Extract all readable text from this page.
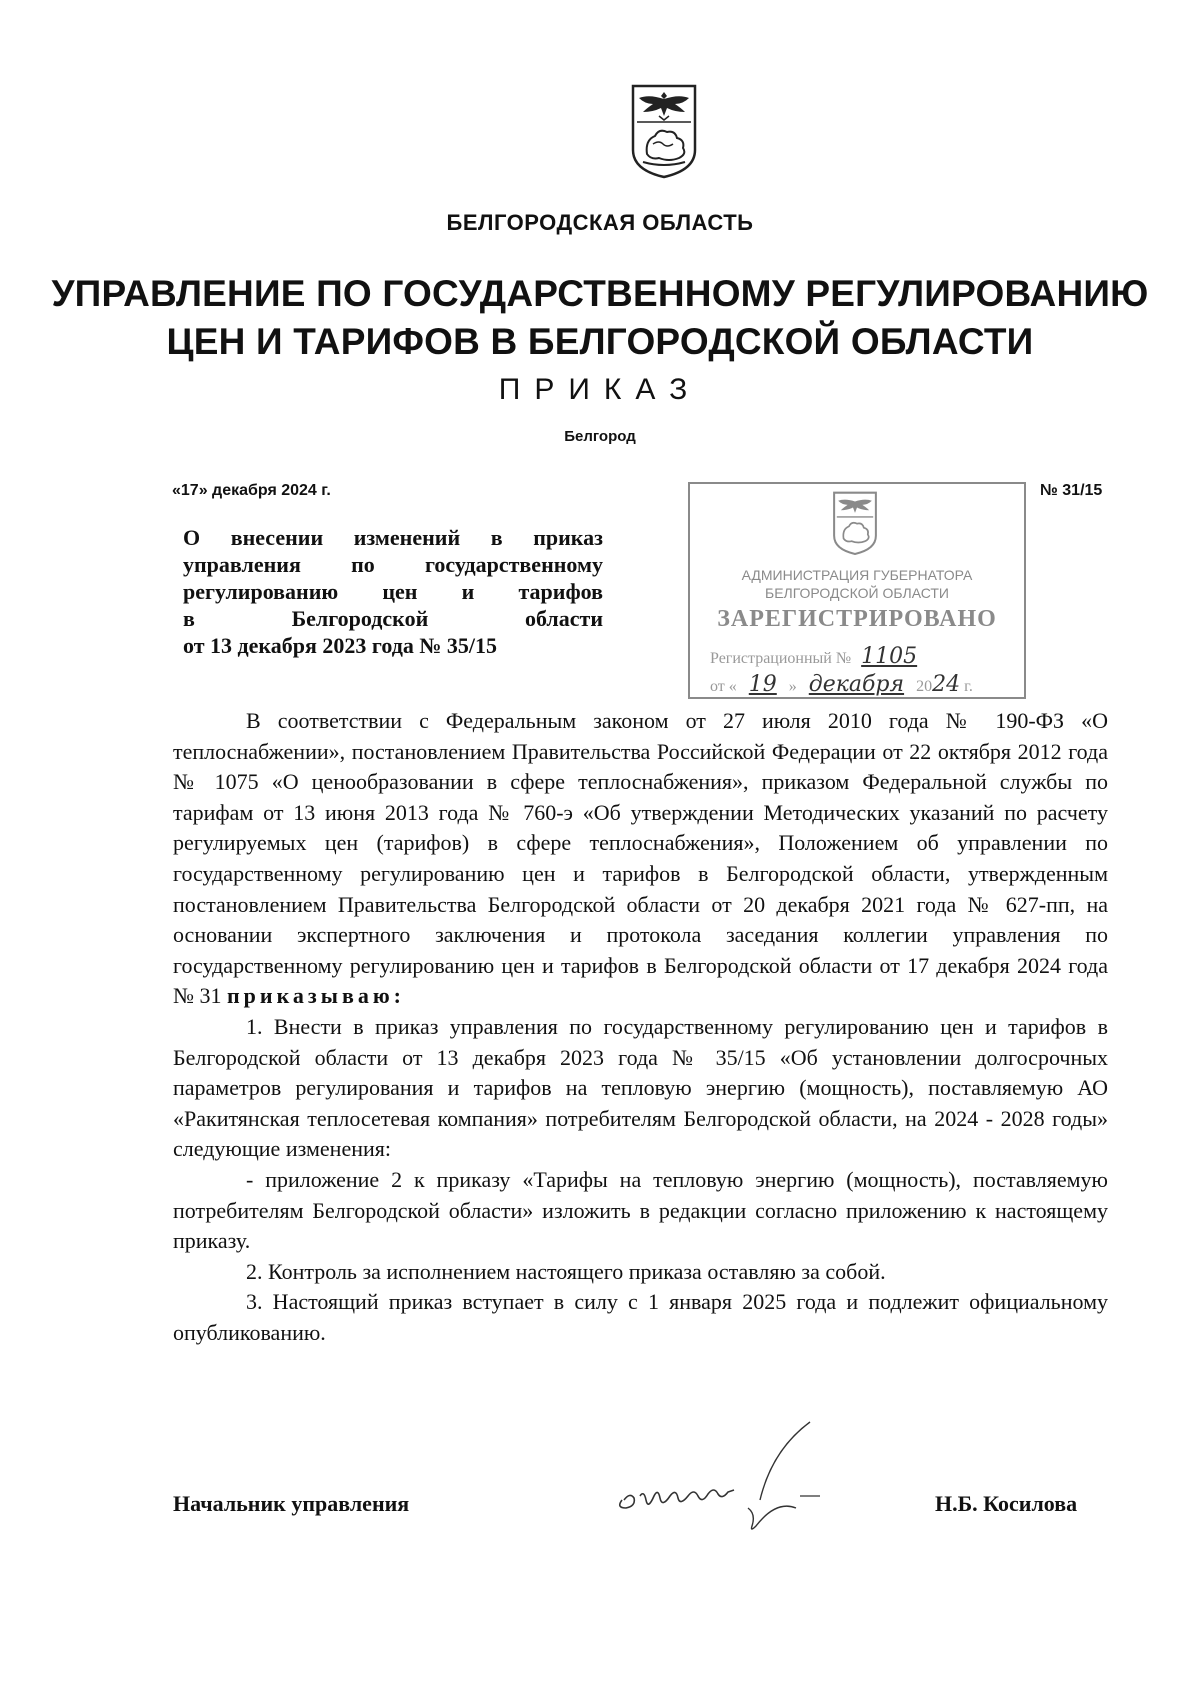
БЕЛГОРОДСКАЯ ОБЛАСТЬ
УПРАВЛЕНИЕ ПО ГОСУДАРСТВЕННОМУ РЕГУЛИРОВАНИЮ
ЦЕН И ТАРИФОВ В БЕЛГОРОДСКОЙ ОБЛАСТИ
ПРИКАЗ
Белгород
«17» декабря 2024 г.	№ 31/15
О внесении изменений в приказ
управления по государственному
регулированию цен и тарифов
в Белгородской области
от 13 декабря 2023 года № 35/15
АДМИНИСТРАЦИЯ ГУБЕРНАТОРА
БЕЛГОРОДСКОЙ ОБЛАСТИ
ЗАРЕГИСТРИРОВАНО
Регистрационный № 1105
от « 19 » декабря 2024 г.

В соответствии с Федеральным законом от 27 июля 2010 года № 190-ФЗ «О теплоснабжении», постановлением Правительства Российской Федерации от 22 октября 2012 года № 1075 «О ценообразовании в сфере теплоснабжения», приказом Федеральной службы по тарифам от 13 июня 2013 года № 760-э «Об утверждении Методических указаний по расчету регулируемых цен (тарифов) в сфере теплоснабжения», Положением об управлении по государственному регулированию цен и тарифов в Белгородской области, утвержденным постановлением Правительства Белгородской области от 20 декабря 2021 года № 627-пп, на основании экспертного заключения и протокола заседания коллегии управления по государственному регулированию цен и тарифов в Белгородской области от 17 декабря 2024 года № 31 приказываю:

1. Внести в приказ управления по государственному регулированию цен и тарифов в Белгородской области от 13 декабря 2023 года № 35/15 «Об установлении долгосрочных параметров регулирования и тарифов на тепловую энергию (мощность), поставляемую АО «Ракитянская теплосетевая компания» потребителям Белгородской области, на 2024 - 2028 годы» следующие изменения:

- приложение 2 к приказу «Тарифы на тепловую энергию (мощность), поставляемую потребителям Белгородской области» изложить в редакции согласно приложению к настоящему приказу.

2. Контроль за исполнением настоящего приказа оставляю за собой.

3. Настоящий приказ вступает в силу с 1 января 2025 года и подлежит официальному опубликованию.

Начальник управления	Н.Б. Косилова
